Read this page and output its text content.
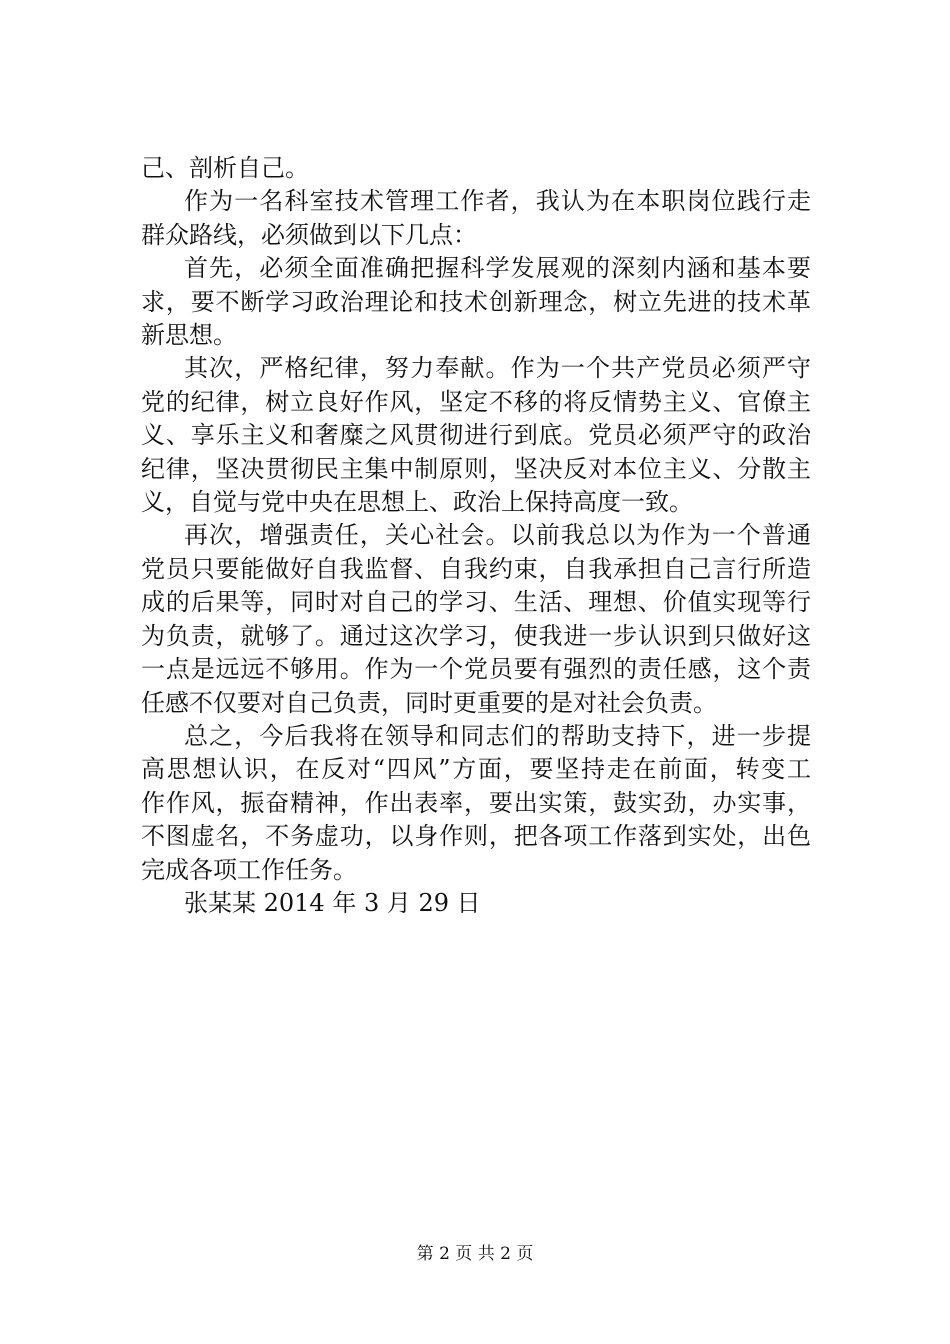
己、剖析自己。
作为一名科室技术管理工作者，我认为在本职岗位践行走
群众路线，必须做到以下几点：
首先，必须全面准确把握科学发展观的深刻内涵和基本要
求，要不断学习政治理论和技术创新理念，树立先进的技术革
新思想。
其次，严格纪律，努力奉献。作为一个共产党员必须严守
党的纪律，树立良好作风，坚定不移的将反情势主义、官僚主
义、享乐主义和奢糜之风贯彻进行到底。党员必须严守的政治
纪律，坚决贯彻民主集中制原则，坚决反对本位主义、分散主
义，自觉与党中央在思想上、政治上保持高度一致。
再次，增强责任，关心社会。以前我总以为作为一个普通
党员只要能做好自我监督、自我约束，自我承担自己言行所造
成的后果等，同时对自己的学习、生活、理想、价值实现等行
为负责，就够了。通过这次学习，使我进一步认识到只做好这
一点是远远不够用。作为一个党员要有强烈的责任感，这个责
任感不仅要对自己负责，同时更重要的是对社会负责。
总之，今后我将在领导和同志们的帮助支持下，进一步提
高思想认识，在反对“四风”方面，要坚持走在前面，转变工
作作风，振奋精神，作出表率，要出实策，鼓实劲，办实事，
不图虚名，不务虚功，以身作则，把各项工作落到实处，出色
完成各项工作任务。
张某某 2014 年 3 月 29 日
第 2 页 共 2 页
